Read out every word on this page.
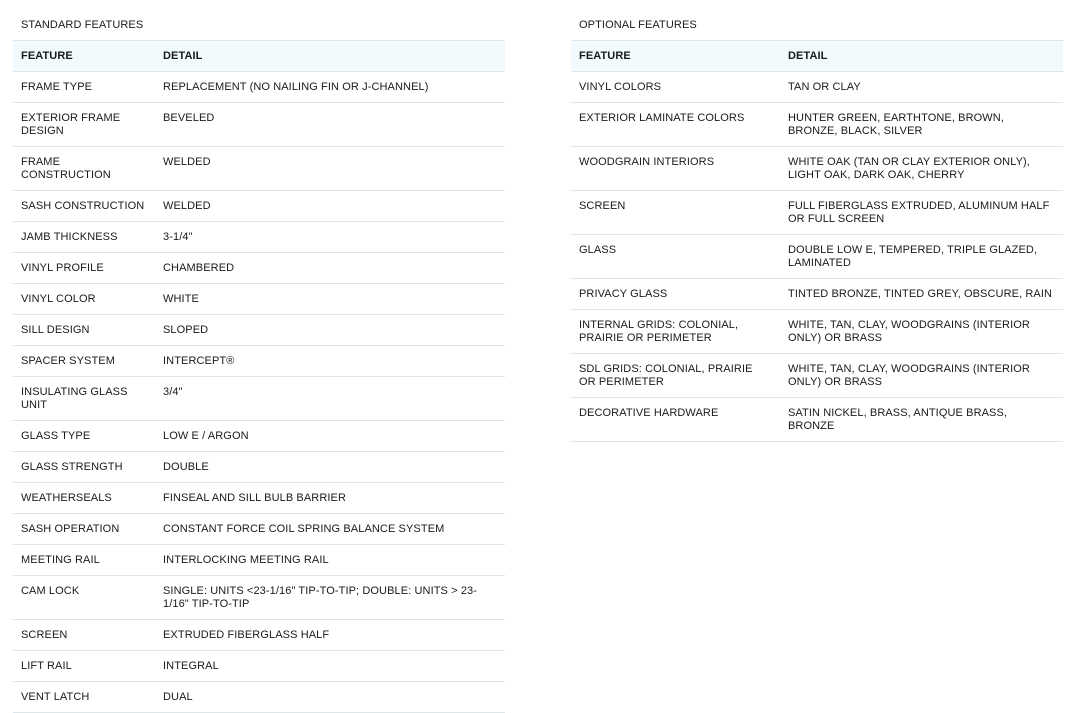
STANDARD FEATURES
FEATURE	DETAIL
FRAME TYPE	REPLACEMENT (NO NAILING FIN OR J-CHANNEL)
EXTERIOR FRAME DESIGN	BEVELED
FRAME CONSTRUCTION	WELDED
SASH CONSTRUCTION	WELDED
JAMB THICKNESS	3-1/4"
VINYL PROFILE	CHAMBERED
VINYL COLOR	WHITE
SILL DESIGN	SLOPED
SPACER SYSTEM	INTERCEPT®
INSULATING GLASS UNIT	3/4"
GLASS TYPE	LOW E / ARGON
GLASS STRENGTH	DOUBLE
WEATHERSEALS	FINSEAL AND SILL BULB BARRIER
SASH OPERATION	CONSTANT FORCE COIL SPRING BALANCE SYSTEM
MEETING RAIL	INTERLOCKING MEETING RAIL
CAM LOCK	SINGLE: UNITS <23-1/16" TIP-TO-TIP; DOUBLE: UNITS > 23-1/16" TIP-TO-TIP
SCREEN	EXTRUDED FIBERGLASS HALF
LIFT RAIL	INTEGRAL
VENT LATCH	DUAL
OPTIONAL FEATURES
FEATURE	DETAIL
VINYL COLORS	TAN OR CLAY
EXTERIOR LAMINATE COLORS	HUNTER GREEN, EARTHTONE, BROWN, BRONZE, BLACK, SILVER
WOODGRAIN INTERIORS	WHITE OAK (TAN OR CLAY EXTERIOR ONLY), LIGHT OAK, DARK OAK, CHERRY
SCREEN	FULL FIBERGLASS EXTRUDED, ALUMINUM HALF OR FULL SCREEN
GLASS	DOUBLE LOW E, TEMPERED, TRIPLE GLAZED, LAMINATED
PRIVACY GLASS	TINTED BRONZE, TINTED GREY, OBSCURE, RAIN
INTERNAL GRIDS: COLONIAL, PRAIRIE OR PERIMETER	WHITE, TAN, CLAY, WOODGRAINS (INTERIOR ONLY) OR BRASS
SDL GRIDS: COLONIAL, PRAIRIE OR PERIMETER	WHITE, TAN, CLAY, WOODGRAINS (INTERIOR ONLY) OR BRASS
DECORATIVE HARDWARE	SATIN NICKEL, BRASS, ANTIQUE BRASS, BRONZE
